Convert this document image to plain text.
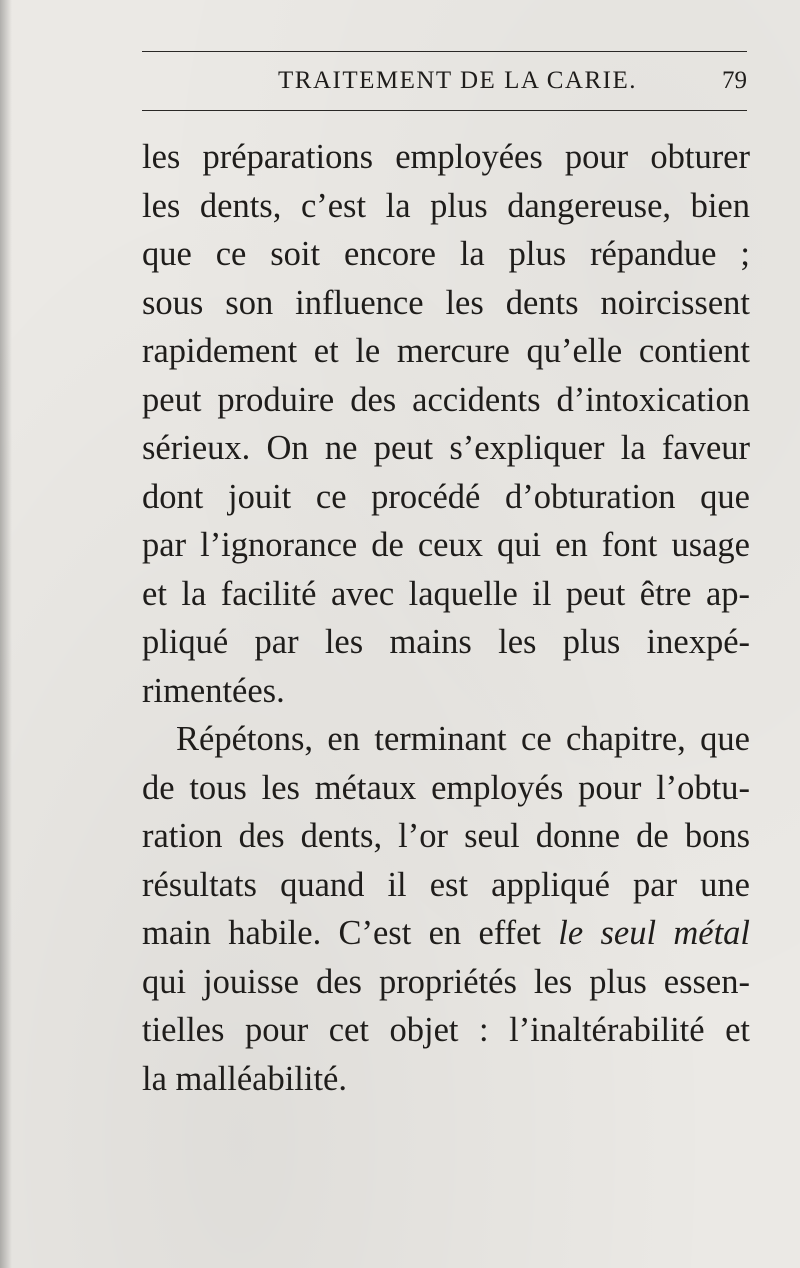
TRAITEMENT DE LA CARIE.	79
les préparations employées pour obturer
les dents, c’est la plus dangereuse, bien
que ce soit encore la plus répandue ;
sous son influence les dents noircissent
rapidement et le mercure qu’elle contient
peut produire des accidents d’intoxication
sérieux. On ne peut s’expliquer la faveur
dont jouit ce procédé d’obturation que
par l’ignorance de ceux qui en font usage
et la facilité avec laquelle il peut être ap-
pliqué par les mains les plus inexpé-
rimentées.
Répétons, en terminant ce chapitre, que
de tous les métaux employés pour l’obtu-
ration des dents, l’or seul donne de bons
résultats quand il est appliqué par une
main habile. C’est en effet le seul métal
qui jouisse des propriétés les plus essen-
tielles pour cet objet : l’inaltérabilité et
la malléabilité.
